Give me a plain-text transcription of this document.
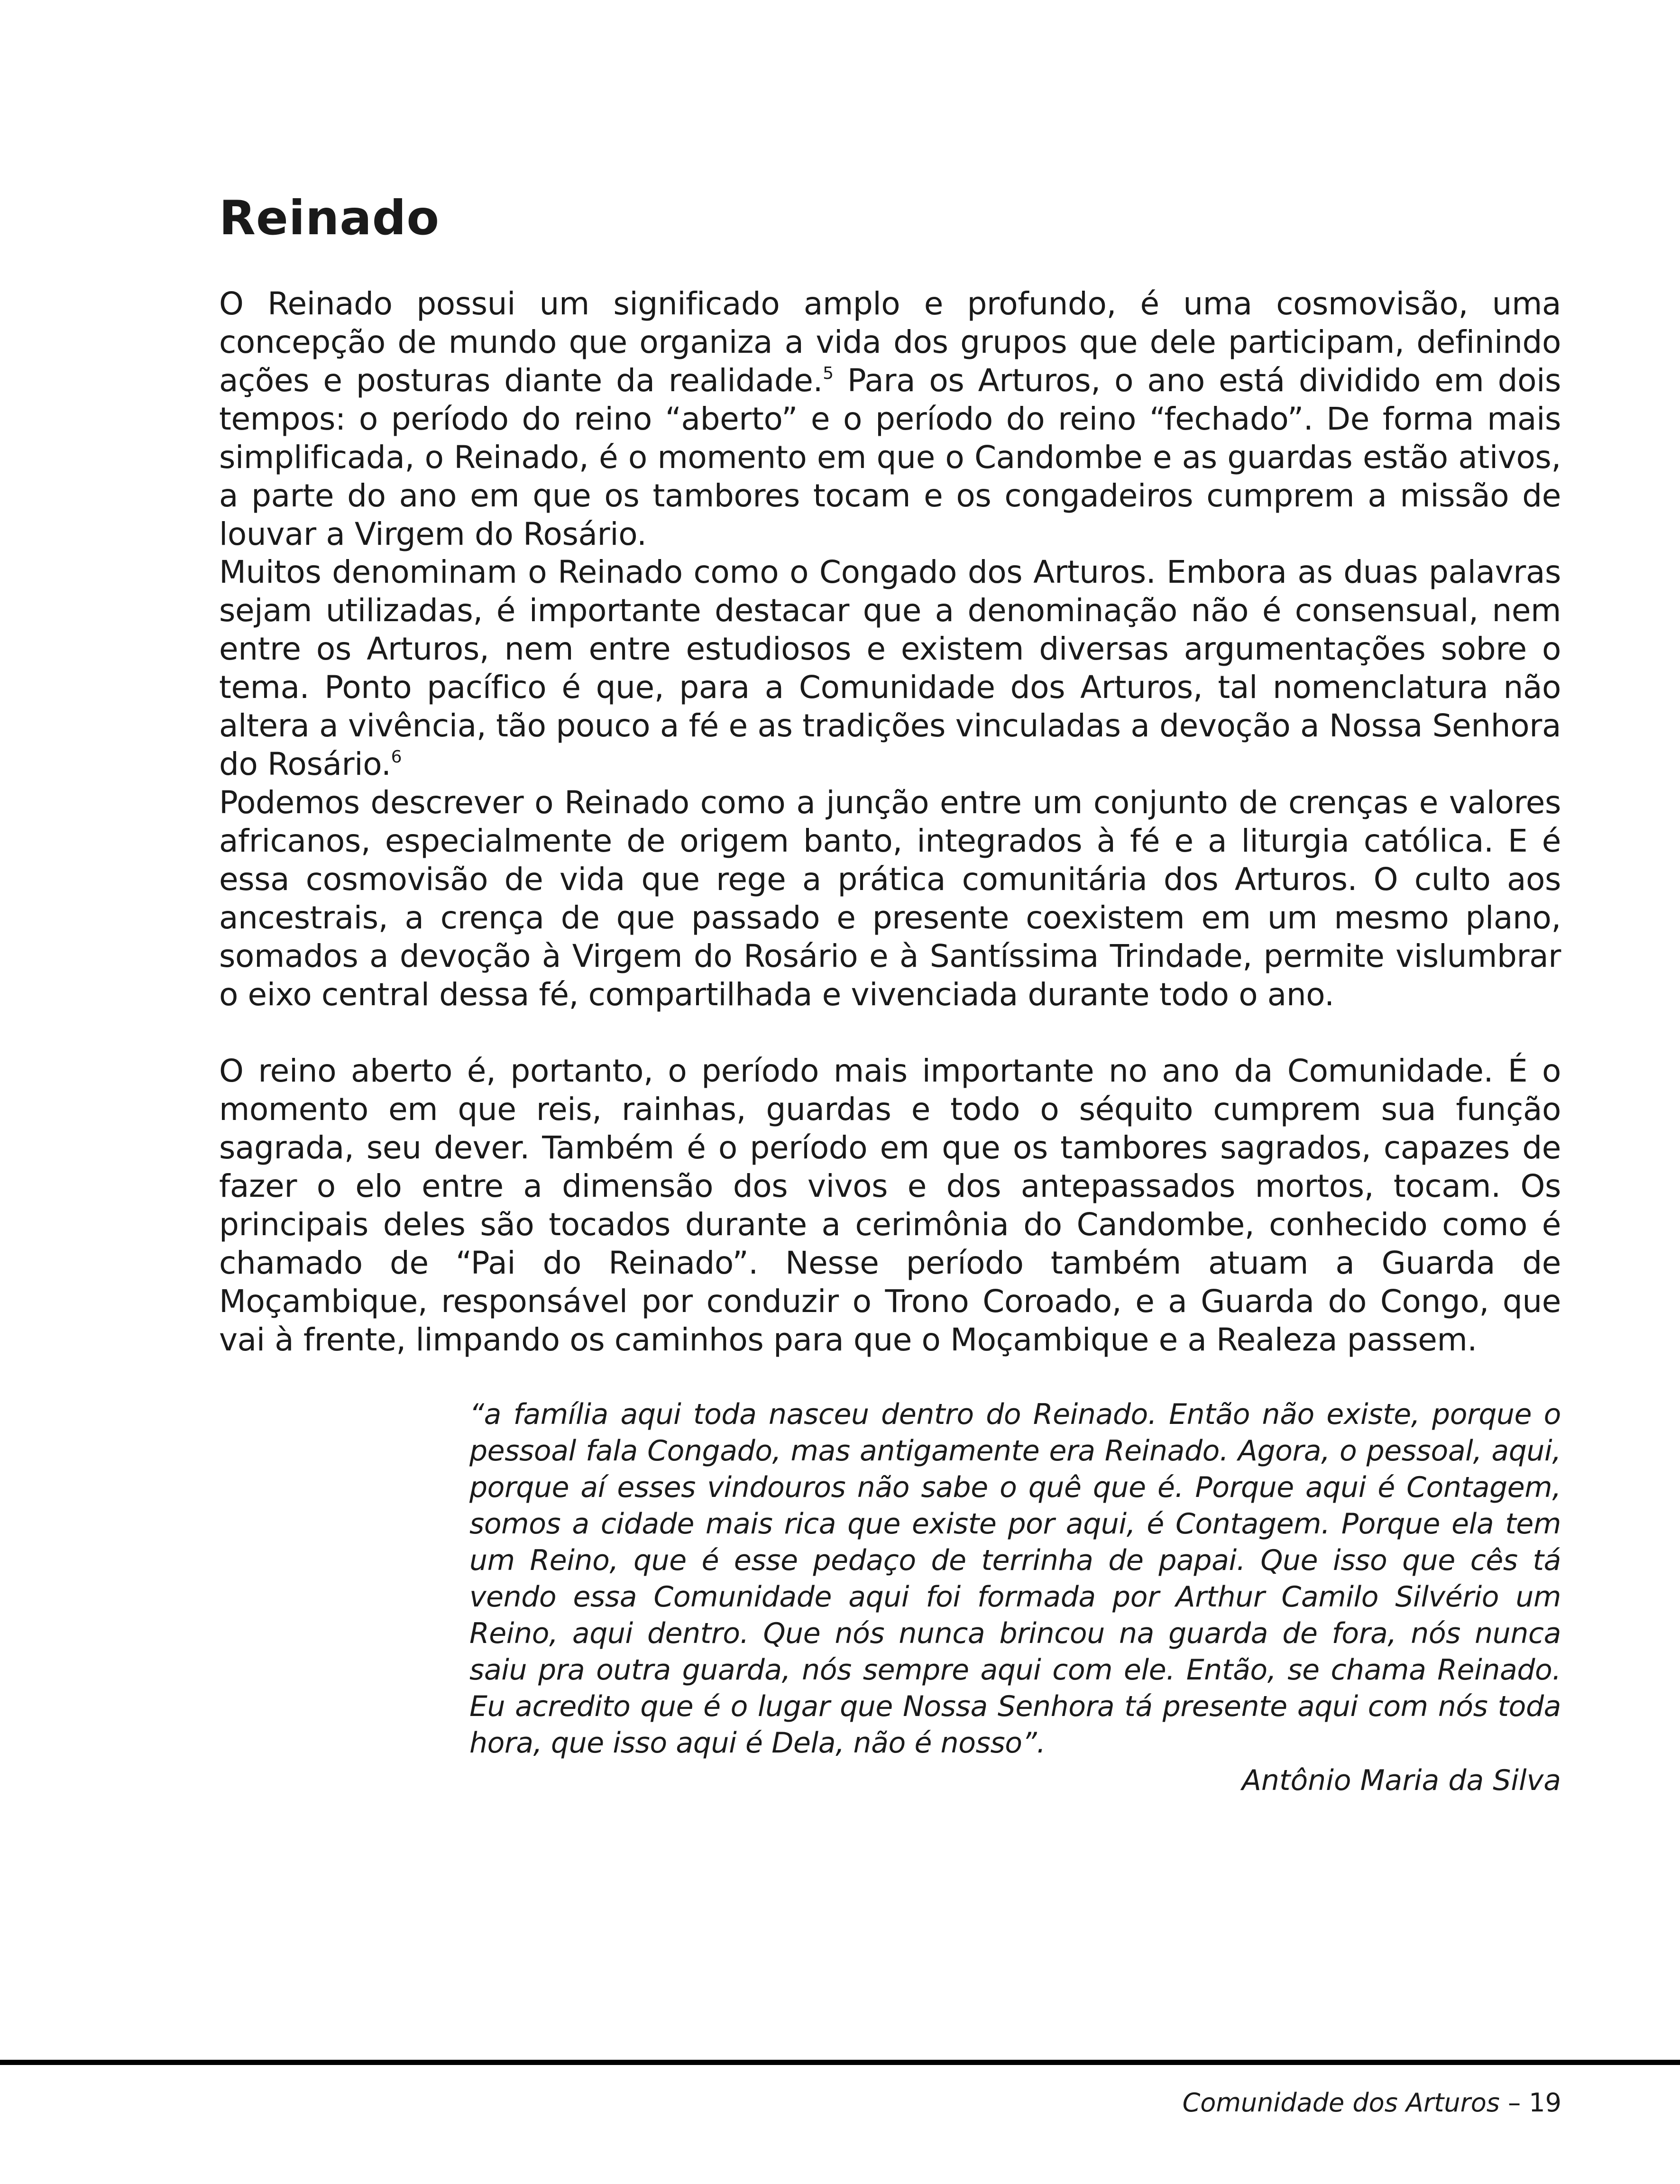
Reinado

O Reinado possui um significado amplo e profundo, é uma cosmovisão, uma concepção de mundo que organiza a vida dos grupos que dele participam, definindo ações e posturas diante da realidade.$^5$ Para os Arturos, o ano está dividido em dois tempos: o período do reino “aberto” e o período do reino “fechado”. De forma mais simplificada, o Reinado, é o momento em que o Candombe e as guardas estão ativos, a parte do ano em que os tambores tocam e os congadeiros cumprem a missão de louvar a Virgem do Rosário.

Muitos denominam o Reinado como o Congado dos Arturos. Embora as duas palavras sejam utilizadas, é importante destacar que a denominação não é consensual, nem entre os Arturos, nem entre estudiosos e existem diversas argumentações sobre o tema. Ponto pacífico é que, para a Comunidade dos Arturos, tal nomenclatura não altera a vivência, tão pouco a fé e as tradições vinculadas a devoção a Nossa Senhora do Rosário.$^6$

Podemos descrever o Reinado como a junção entre um conjunto de crenças e valores africanos, especialmente de origem banto, integrados à fé e a liturgia católica. E é essa cosmovisão de vida que rege a prática comunitária dos Arturos. O culto aos ancestrais, a crença de que passado e presente coexistem em um mesmo plano, somados a devoção à Virgem do Rosário e à Santíssima Trindade, permite vislumbrar o eixo central dessa fé, compartilhada e vivenciada durante todo o ano.

O reino aberto é, portanto, o período mais importante no ano da Comunidade. É o momento em que reis, rainhas, guardas e todo o séquito cumprem sua função sagrada, seu dever. Também é o período em que os tambores sagrados, capazes de fazer o elo entre a dimensão dos vivos e dos antepassados mortos, tocam. Os principais deles são tocados durante a cerimônia do Candombe, conhecido como é chamado de “Pai do Reinado”. Nesse período também atuam a Guarda de Moçambique, responsável por conduzir o Trono Coroado, e a Guarda do Congo, que vai à frente, limpando os caminhos para que o Moçambique e a Realeza passem.

“a família aqui toda nasceu dentro do Reinado. Então não existe, porque o pessoal fala Congado, mas antigamente era Reinado. Agora, o pessoal, aqui, porque aí esses vindouros não sabe o quê que é. Porque aqui é Contagem, somos a cidade mais rica que existe por aqui, é Contagem. Porque ela tem um Reino, que é esse pedaço de terrinha de papai. Que isso que cês tá vendo essa Comunidade aqui foi formada por Arthur Camilo Silvério um Reino, aqui dentro. Que nós nunca brincou na guarda de fora, nós nunca saiu pra outra guarda, nós sempre aqui com ele. Então, se chama Reinado. Eu acredito que é o lugar que Nossa Senhora tá presente aqui com nós toda hora, que isso aqui é Dela, não é nosso”.

Antônio Maria da Silva

Comunidade dos Arturos – 19
